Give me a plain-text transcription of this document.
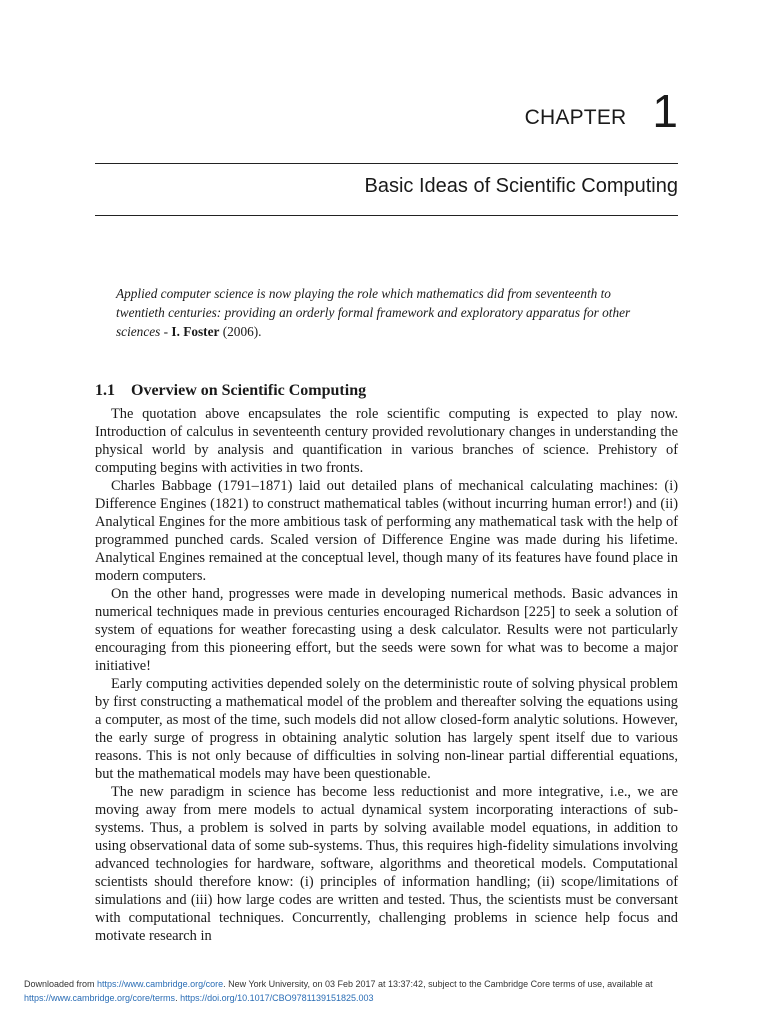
CHAPTER 1
Basic Ideas of Scientific Computing

Applied computer science is now playing the role which mathematics did from seventeenth to twentieth centuries: providing an orderly formal framework and exploratory apparatus for other sciences - I. Foster (2006).

1.1 Overview on Scientific Computing

The quotation above encapsulates the role scientific computing is expected to play now. Introduction of calculus in seventeenth century provided revolutionary changes in understanding the physical world by analysis and quantification in various branches of science. Prehistory of computing begins with activities in two fronts.

Charles Babbage (1791–1871) laid out detailed plans of mechanical calculating machines: (i) Difference Engines (1821) to construct mathematical tables (without incurring human error!) and (ii) Analytical Engines for the more ambitious task of performing any mathematical task with the help of programmed punched cards. Scaled version of Difference Engine was made during his lifetime. Analytical Engines remained at the conceptual level, though many of its features have found place in modern computers.

On the other hand, progresses were made in developing numerical methods. Basic advances in numerical techniques made in previous centuries encouraged Richardson [225] to seek a solution of system of equations for weather forecasting using a desk calculator. Results were not particularly encouraging from this pioneering effort, but the seeds were sown for what was to become a major initiative!

Early computing activities depended solely on the deterministic route of solving physical problem by first constructing a mathematical model of the problem and thereafter solving the equations using a computer, as most of the time, such models did not allow closed-form analytic solutions. However, the early surge of progress in obtaining analytic solution has largely spent itself due to various reasons. This is not only because of difficulties in solving non-linear partial differential equations, but the mathematical models may have been questionable.

The new paradigm in science has become less reductionist and more integrative, i.e., we are moving away from mere models to actual dynamical system incorporating interactions of sub-systems. Thus, a problem is solved in parts by solving available model equations, in addition to using observational data of some sub-systems. Thus, this requires high-fidelity simulations involving advanced technologies for hardware, software, algorithms and theoretical models. Computational scientists should therefore know: (i) principles of information handling; (ii) scope/limitations of simulations and (iii) how large codes are written and tested. Thus, the scientists must be conversant with computational techniques. Concurrently, challenging problems in science help focus and motivate research in

Downloaded from https://www.cambridge.org/core. New York University, on 03 Feb 2017 at 13:37:42, subject to the Cambridge Core terms of use, available at
https://www.cambridge.org/core/terms. https://doi.org/10.1017/CBO9781139151825.003
